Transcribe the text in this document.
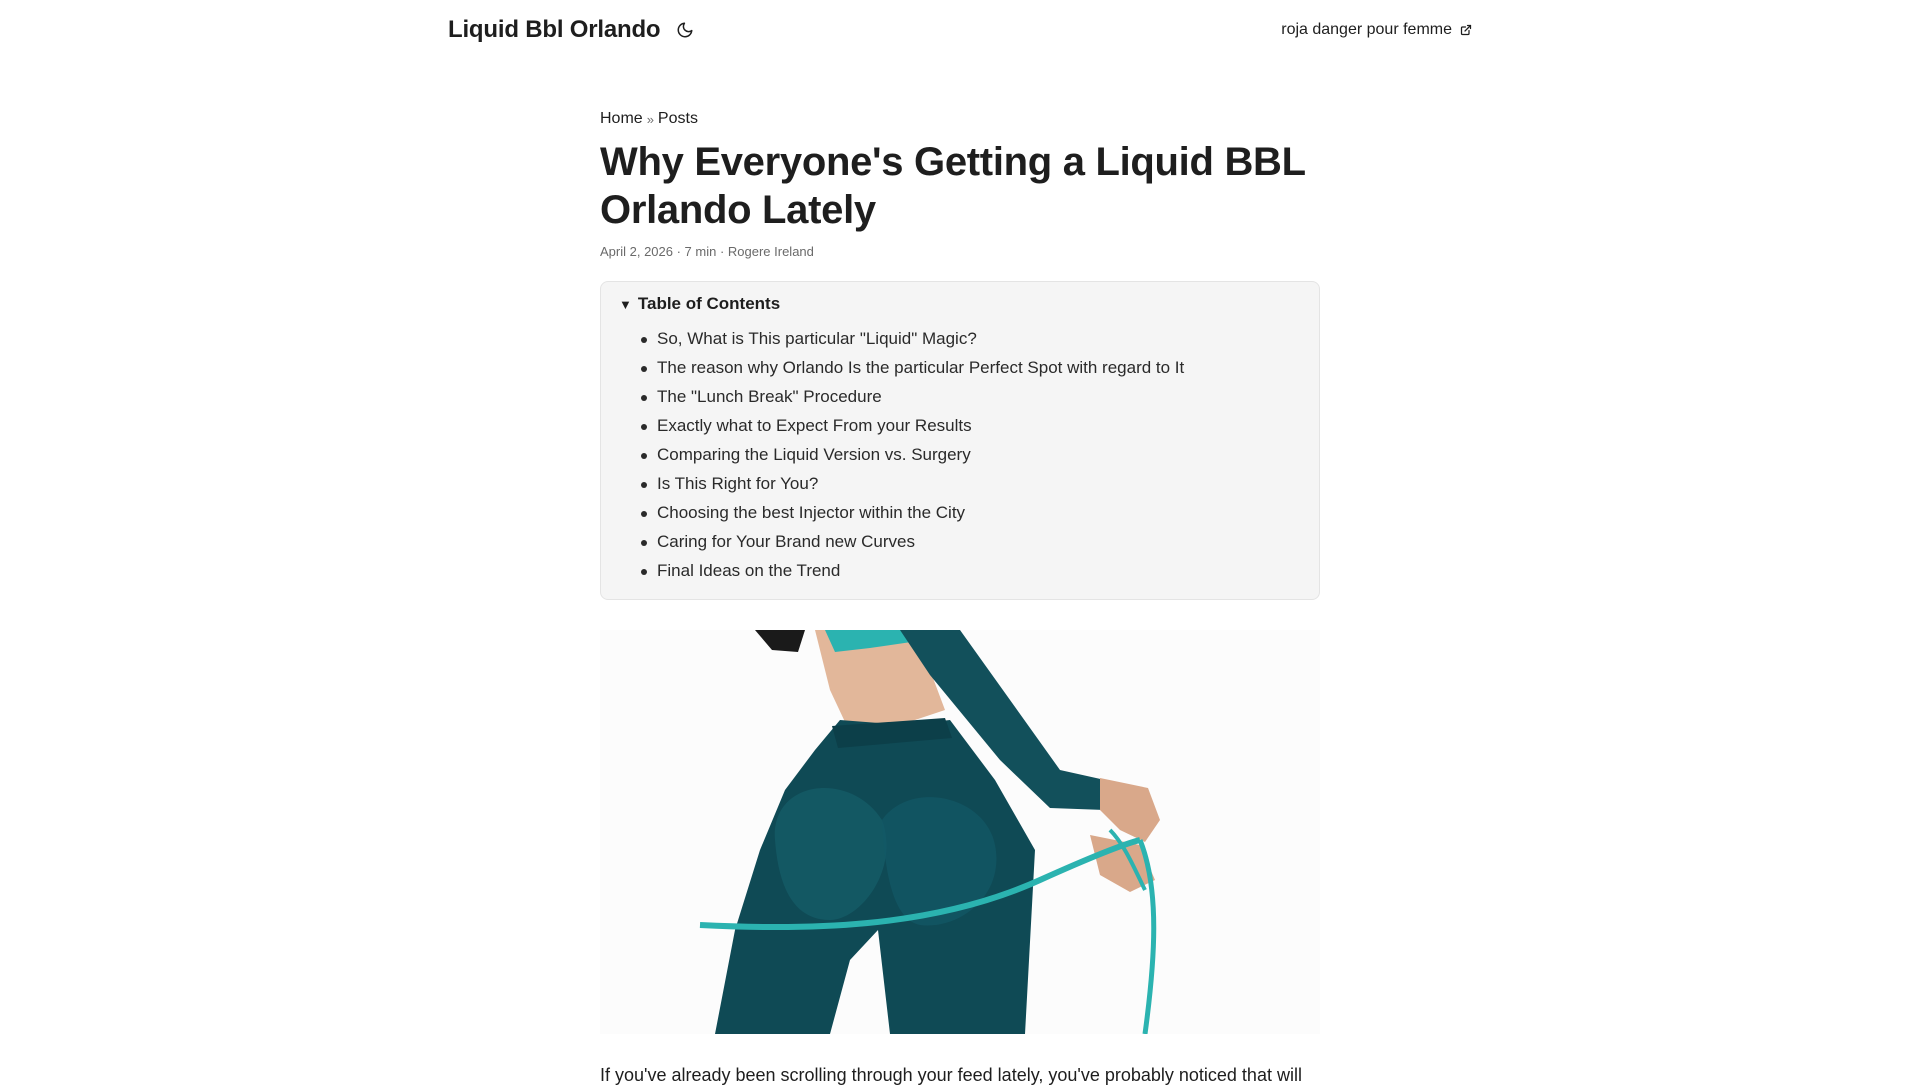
Liquid Bbl Orlando	roja danger pour femme
Home » Posts
Why Everyone's Getting a Liquid BBL Orlando Lately
April 2, 2026 · 7 min · Rogere Ireland
▼ Table of Contents
So, What is This particular "Liquid" Magic?
The reason why Orlando Is the particular Perfect Spot with regard to It
The "Lunch Break" Procedure
Exactly what to Expect From your Results
Comparing the Liquid Version vs. Surgery
Is This Right for You?
Choosing the best Injector within the City
Caring for Your Brand new Curves
Final Ideas on the Trend

If you've already been scrolling through your feed lately, you've probably noticed that will
